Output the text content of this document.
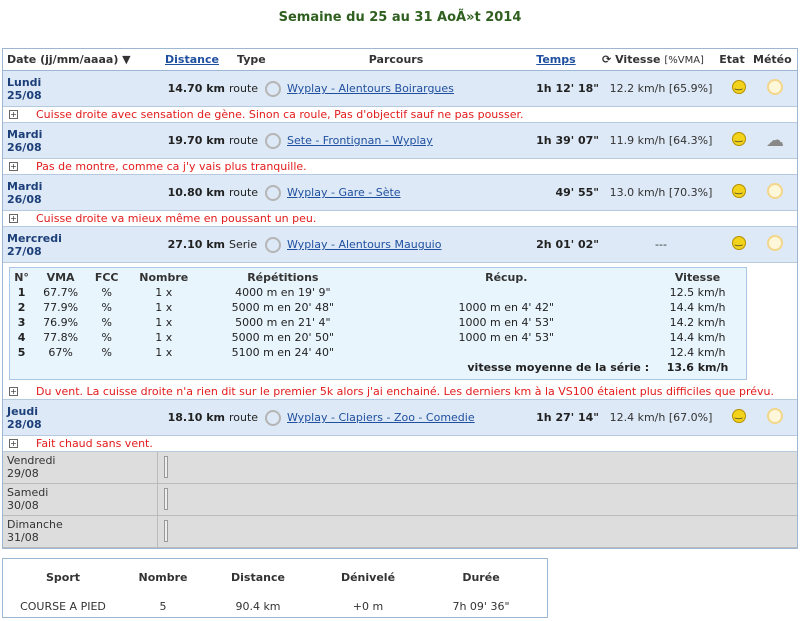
Semaine du 25 au 31 AoÃ»t 2014
Date (jj/mm/aaaa) ▼	Distance	Type	Parcours	Temps	⟳ Vitesse [%VMA]	Etat Météo
Lundi
25/08	14.70 km route	Wyplay - Alentours Boirargues	1h 12' 18" 12.2 km/h [65.9%]
‿
+ Cuisse droite avec sensation de gène. Sinon ca roule, Pas d'objectif sauf ne pas pousser.
Mardi
26/08	19.70 km route	Sete - Frontignan - Wyplay	1h 39' 07" 11.9 km/h [64.3%] ‿	☁
+ Pas de montre, comme ca j'y vais plus tranquille.
Mardi
26/08	10.80 km route	Wyplay - Gare - Sète	49' 55" 13.0 km/h [70.3%]
‿
+ Cuisse droite va mieux même en poussant un peu.
Mercredi
27/08	27.10 km Serie	Wyplay - Alentours Mauguio	2h 01' 02"	---
‿
N°	VMA	FCC	Nombre	Répétitions	Récup.	Vitesse
1	67.7%	%	1 x	4000 m en 19' 9"		12.5 km/h
2	77.9%	%	1 x	5000 m en 20' 48"	1000 m en 4' 42"	14.4 km/h
3	76.9%	%	1 x	5000 m en 21' 4"	1000 m en 4' 53"	14.2 km/h
4	77.8%	%	1 x	5000 m en 20' 50"	1000 m en 4' 53"	14.4 km/h
5	67%	%	1 x	5100 m en 24' 40"		12.4 km/h
					vitesse moyenne de la série :	13.6 km/h
+ Du vent. La cuisse droite n'a rien dit sur le premier 5k alors j'ai enchainé. Les derniers km à la VS100 étaient plus difficiles que prévu.
Jeudi
28/08	18.10 km route	Wyplay - Clapiers - Zoo - Comedie	1h 27' 14" 12.4 km/h [67.0%]
‿
+ Fait chaud sans vent.
Vendredi
29/08
Samedi
30/08
Dimanche
31/08
Sport	Nombre	Distance	Dénivelé	Durée
COURSE A PIED	5	90.4 km	+0 m	7h 09' 36"
